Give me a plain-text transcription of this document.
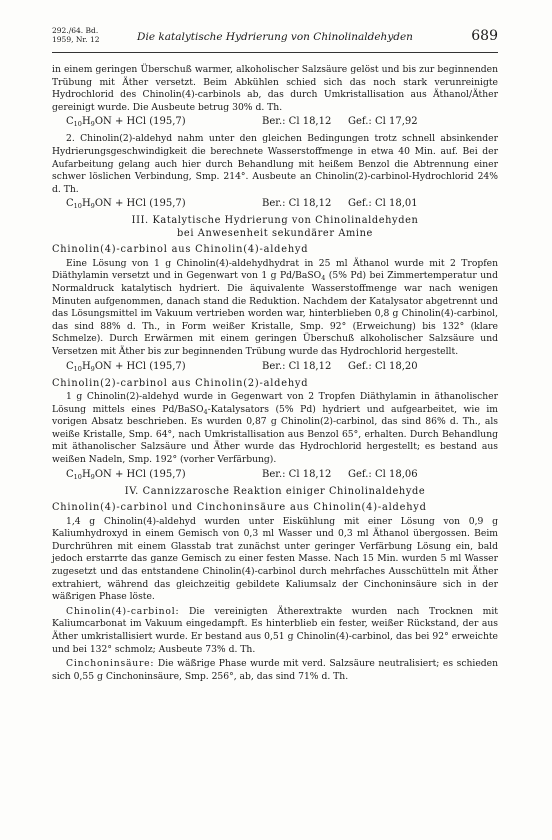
292./64. Bd.
1959, Nr. 12	Die katalytische Hydrierung von Chinolinaldehyden	689

in einem geringen Überschuß warmer, alkoholischer Salzsäure gelöst und bis zur beginnenden Trübung mit Äther versetzt. Beim Abkühlen schied sich das noch stark verunreinigte Hydrochlorid des Chinolin(4)-carbinols ab, das durch Umkristallisation aus Äthanol/Äther gereinigt wurde. Die Ausbeute betrug 30% d. Th.

$C_{10}H_9ON$ + HCl (195,7)	Ber.: Cl 18,12 Gef.: Cl 17,92

2. Chinolin(2)-aldehyd nahm unter den gleichen Bedingungen trotz schnell absinkender Hydrierungsgeschwindigkeit die berechnete Wasserstoffmenge in etwa 40 Min. auf. Bei der Aufarbeitung gelang auch hier durch Behandlung mit heißem Benzol die Abtrennung einer schwer löslichen Verbindung, Smp. 214°. Ausbeute an Chinolin(2)-carbinol-Hydrochlorid 24% d. Th.

$C_{10}H_9ON$ + HCl (195,7)	Ber.: Cl 18,12 Gef.: Cl 18,01
III. Katalytische Hydrierung von Chinolinaldehyden
bei Anwesenheit sekundärer Amine
Chinolin(4)-carbinol aus Chinolin(4)-aldehyd

Eine Lösung von 1 g Chinolin(4)-aldehydhydrat in 25 ml Äthanol wurde mit 2 Tropfen Diäthylamin versetzt und in Gegenwart von 1 g Pd/BaSO$_4$ (5% Pd) bei Zimmertemperatur und Normaldruck katalytisch hydriert. Die äquivalente Wasserstoffmenge war nach wenigen Minuten aufgenommen, danach stand die Reduktion. Nachdem der Katalysator abgetrennt und das Lösungsmittel im Vakuum vertrieben worden war, hinterblieben 0,8 g Chinolin(4)-carbinol, das sind 88% d. Th., in Form weißer Kristalle, Smp. 92° (Erweichung) bis 132° (klare Schmelze). Durch Erwärmen mit einem geringen Überschuß alkoholischer Salzsäure und Versetzen mit Äther bis zur beginnenden Trübung wurde das Hydrochlorid hergestellt.

$C_{10}H_9ON$ + HCl (195,7)	Ber.: Cl 18,12 Gef.: Cl 18,20
Chinolin(2)-carbinol aus Chinolin(2)-aldehyd

1 g Chinolin(2)-aldehyd wurde in Gegenwart von 2 Tropfen Diäthylamin in äthanolischer Lösung mittels eines Pd/BaSO$_4$-Katalysators (5% Pd) hydriert und aufgearbeitet, wie im vorigen Absatz beschrieben. Es wurden 0,87 g Chinolin(2)-carbinol, das sind 86% d. Th., als weiße Kristalle, Smp. 64°, nach Umkristallisation aus Benzol 65°, erhalten. Durch Behandlung mit äthanolischer Salzsäure und Äther wurde das Hydrochlorid hergestellt; es bestand aus weißen Nadeln, Smp. 192° (vorher Verfärbung).

$C_{10}H_9ON$ + HCl (195,7)	Ber.: Cl 18,12 Gef.: Cl 18,06
IV. Cannizzarosche Reaktion einiger Chinolinaldehyde
Chinolin(4)-carbinol und Cinchoninsäure aus Chinolin(4)-aldehyd

1,4 g Chinolin(4)-aldehyd wurden unter Eiskühlung mit einer Lösung von 0,9 g Kaliumhydroxyd in einem Gemisch von 0,3 ml Wasser und 0,3 ml Äthanol übergossen. Beim Durchrühren mit einem Glasstab trat zunächst unter geringer Verfärbung Lösung ein, bald jedoch erstarrte das ganze Gemisch zu einer festen Masse. Nach 15 Min. wurden 5 ml Wasser zugesetzt und das entstandene Chinolin(4)-carbinol durch mehrfaches Ausschütteln mit Äther extrahiert, während das gleichzeitig gebildete Kaliumsalz der Cinchoninsäure sich in der wäßrigen Phase löste.

Chinolin(4)-carbinol: Die vereinigten Ätherextrakte wurden nach Trocknen mit Kaliumcarbonat im Vakuum eingedampft. Es hinterblieb ein fester, weißer Rückstand, der aus Äther umkristallisiert wurde. Er bestand aus 0,51 g Chinolin(4)-carbinol, das bei 92° erweichte und bei 132° schmolz; Ausbeute 73% d. Th.

Cinchoninsäure: Die wäßrige Phase wurde mit verd. Salzsäure neutralisiert; es schieden sich 0,55 g Cinchoninsäure, Smp. 256°, ab, das sind 71% d. Th.
